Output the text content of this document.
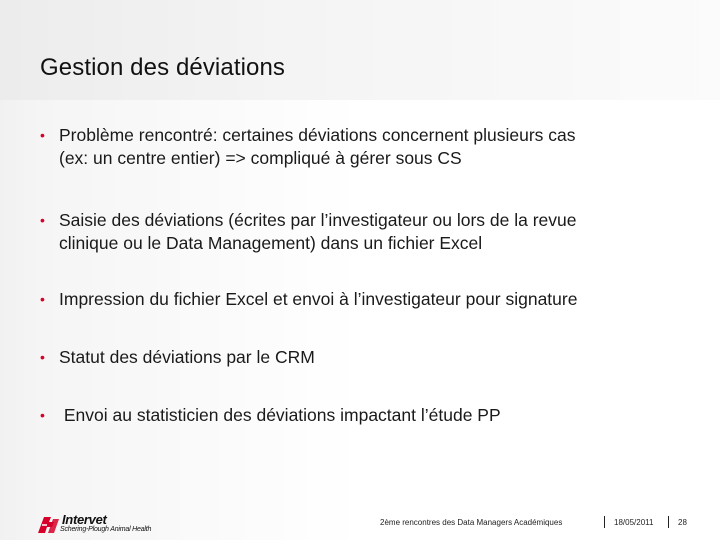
Gestion des déviations
• Problème rencontré: certaines déviations concernent plusieurs cas
(ex: un centre entier) => compliqué à gérer sous CS
• Saisie des déviations (écrites par l’investigateur ou lors de la revue
clinique ou le Data Management) dans un fichier Excel
• Impression du fichier Excel et envoi à l’investigateur pour signature
• Statut des déviations par le CRM
• Envoi au statisticien des déviations impactant l’étude PP
Intervet
Schering-Plough Animal Health
2ème rencontres des Data Managers Académiques	18/05/2011	28
